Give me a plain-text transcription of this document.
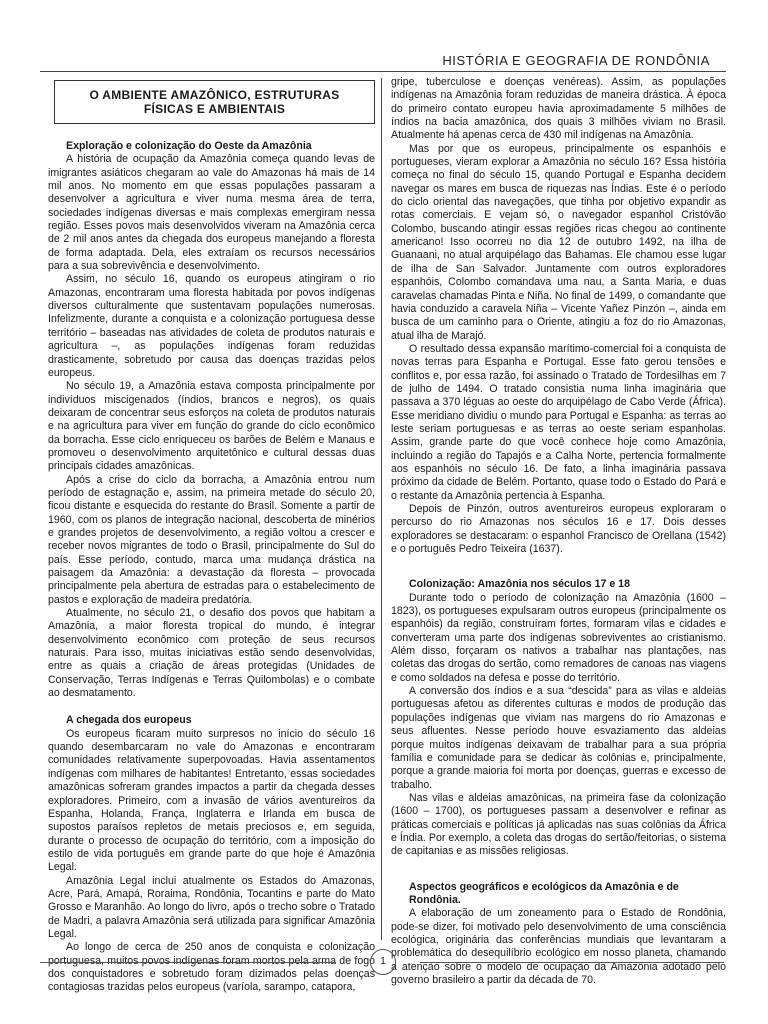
HISTÓRIA E GEOGRAFIA DE RONDÔNIA
O AMBIENTE AMAZÔNICO, ESTRUTURAS FÍSICAS E AMBIENTAIS
Exploração e colonização do Oeste da Amazônia

A história de ocupação da Amazônia começa quando levas de imigrantes asiáticos chegaram ao vale do Amazonas há mais de 14 mil anos. No momento em que essas populações passaram a desenvolver a agricultura e viver numa mesma área de terra, sociedades indígenas diversas e mais complexas emergiram nessa região. Esses povos mais desenvolvidos viveram na Amazônia cerca de 2 mil anos antes da chegada dos europeus manejando a floresta de forma adaptada. Dela, eles extraíam os recursos necessários para a sua sobrevivência e desenvolvimento.

Assim, no século 16, quando os europeus atingiram o rio Amazonas, encontraram uma floresta habitada por povos indígenas diversos culturalmente que sustentavam populações numerosas. Infelizmente, durante a conquista e a colonização portuguesa desse território – baseadas nas atividades de coleta de produtos naturais e agricultura –, as populações indígenas foram reduzidas drasticamente, sobretudo por causa das doenças trazidas pelos europeus.

No século 19, a Amazônia estava composta principalmente por indivíduos miscigenados (índios, brancos e negros), os quais deixaram de concentrar seus esforços na coleta de produtos naturais e na agricultura para viver em função do grande do ciclo econômico da borracha. Esse ciclo enriqueceu os barões de Belém e Manaus e promoveu o desenvolvimento arquitetônico e cultural dessas duas principais cidades amazônicas.

Após a crise do ciclo da borracha, a Amazônia entrou num período de estagnação e, assim, na primeira metade do século 20, ficou distante e esquecida do restante do Brasil. Somente a partir de 1960, com os planos de integração nacional, descoberta de minérios e grandes projetos de desenvolvimento, a região voltou a crescer e receber novos migrantes de todo o Brasil, principalmente do Sul do país. Esse período, contudo, marca uma mudança drástica na paisagem da Amazônia: a devastação da floresta – provocada principalmente pela abertura de estradas para o estabelecimento de pastos e exploração de madeira predatória.

Atualmente, no século 21, o desafio dos povos que habitam a Amazônia, a maior floresta tropical do mundo, é integrar desenvolvimento econômico com proteção de seus recursos naturais. Para isso, muitas iniciativas estão sendo desenvolvidas, entre as quais a criação de áreas protegidas (Unidades de Conservação, Terras Indígenas e Terras Quilombolas) e o combate ao desmatamento.

A chegada dos europeus

Os europeus ficaram muito surpresos no início do século 16 quando desembarcaram no vale do Amazonas e encontraram comunidades relativamente superpovoadas. Havia assentamentos indígenas com milhares de habitantes! Entretanto, essas sociedades amazônicas sofreram grandes impactos a partir da chegada desses exploradores. Primeiro, com a invasão de vários aventureiros da Espanha, Holanda, França, Inglaterra e Irlanda em busca de supostos paraísos repletos de metais preciosos e, em seguida, durante o processo de ocupação do território, com a imposição do estilo de vida português em grande parte do que hoje é Amazônia Legal.

Amazônia Legal inclui atualmente os Estados do Amazonas, Acre, Pará, Amapá, Roraima, Rondônia, Tocantins e parte do Mato Grosso e Maranhão. Ao longo do livro, após o trecho sobre o Tratado de Madri, a palavra Amazônia será utilizada para significar Amazônia Legal.

Ao longo de cerca de 250 anos de conquista e colonização portuguesa, muitos povos indígenas foram mortos pela arma de fogo dos conquistadores e sobretudo foram dizimados pelas doenças contagiosas trazidas pelos europeus (varíola, sarampo, catapora,

gripe, tuberculose e doenças venéreas). Assim, as populações indígenas na Amazônia foram reduzidas de maneira drástica. À época do primeiro contato europeu havia aproximadamente 5 milhões de índios na bacia amazônica, dos quais 3 milhões viviam no Brasil. Atualmente há apenas cerca de 430 mil indígenas na Amazônia.

Mas por que os europeus, principalmente os espanhóis e portugueses, vieram explorar a Amazônia no século 16? Essa história começa no final do século 15, quando Portugal e Espanha decidem navegar os mares em busca de riquezas nas Índias. Este é o período do ciclo oriental das navegações, que tinha por objetivo expandir as rotas comerciais. E vejam só, o navegador espanhol Cristóvão Colombo, buscando atingir essas regiões ricas chegou ao continente americano! Isso ocorreu no dia 12 de outubro 1492, na ilha de Guanaani, no atual arquipélago das Bahamas. Ele chamou esse lugar de ilha de San Salvador. Juntamente com outros exploradores espanhóis, Colombo comandava uma nau, a Santa Maria, e duas caravelas chamadas Pinta e Niña. No final de 1499, o comandante que havia conduzido a caravela Niña – Vicente Yañez Pinzón –, ainda em busca de um caminho para o Oriente, atingiu a foz do rio Amazonas, atual ilha de Marajó.

O resultado dessa expansão marítimo-comercial foi a conquista de novas terras para Espanha e Portugal. Esse fato gerou tensões e conflitos e, por essa razão, foi assinado o Tratado de Tordesilhas em 7 de julho de 1494. O tratado consistia numa linha imaginária que passava a 370 léguas ao oeste do arquipélago de Cabo Verde (África). Esse meridiano dividiu o mundo para Portugal e Espanha: as terras ao leste seriam portuguesas e as terras ao oeste seriam espanholas. Assim, grande parte do que você conhece hoje como Amazônia, incluindo a região do Tapajós e a Calha Norte, pertencia formalmente aos espanhóis no século 16. De fato, a linha imaginária passava próximo da cidade de Belém. Portanto, quase todo o Estado do Pará e o restante da Amazônia pertencia à Espanha.

Depois de Pinzón, outros aventureiros europeus exploraram o percurso do rio Amazonas nos séculos 16 e 17. Dois desses exploradores se destacaram: o espanhol Francisco de Orellana (1542) e o português Pedro Teixeira (1637).

Colonização: Amazônia nos séculos 17 e 18

Durante todo o período de colonização na Amazônia (1600 – 1823), os portugueses expulsaram outros europeus (principalmente os espanhóis) da região, construíram fortes, formaram vilas e cidades e converteram uma parte dos indígenas sobreviventes ao cristianismo. Além disso, forçaram os nativos a trabalhar nas plantações, nas coletas das drogas do sertão, como remadores de canoas nas viagens e como soldados na defesa e posse do território.

A conversão dos índios e a sua “descida” para as vilas e aldeias portuguesas afetou as diferentes culturas e modos de produção das populações indígenas que viviam nas margens do rio Amazonas e seus afluentes. Nesse período houve esvaziamento das aldeias porque muitos indígenas deixavam de trabalhar para a sua própria família e comunidade para se dedicar às colônias e, principalmente, porque a grande maioria foi morta por doenças, guerras e excesso de trabalho.

Nas vilas e aldeias amazônicas, na primeira fase da colonização (1600 – 1700), os portugueses passam a desenvolver e refinar as práticas comerciais e políticas já aplicadas nas suas colônias da África e Índia. Por exemplo, a coleta das drogas do sertão/feitorias, o sistema de capitanias e as missões religiosas.

Aspectos geográficos e ecológicos da Amazônia e de Rondônia.

A elaboração de um zoneamento para o Estado de Rondônia, pode-se dizer, foi motivado pelo desenvolvimento de uma consciência ecológica, originária das conferências mundiais que levantaram a problemática do desequilíbrio ecológico em nosso planeta, chamando a atenção sobre o modelo de ocupação da Amazônia adotado pelo governo brasileiro a partir da década de 70.

1
